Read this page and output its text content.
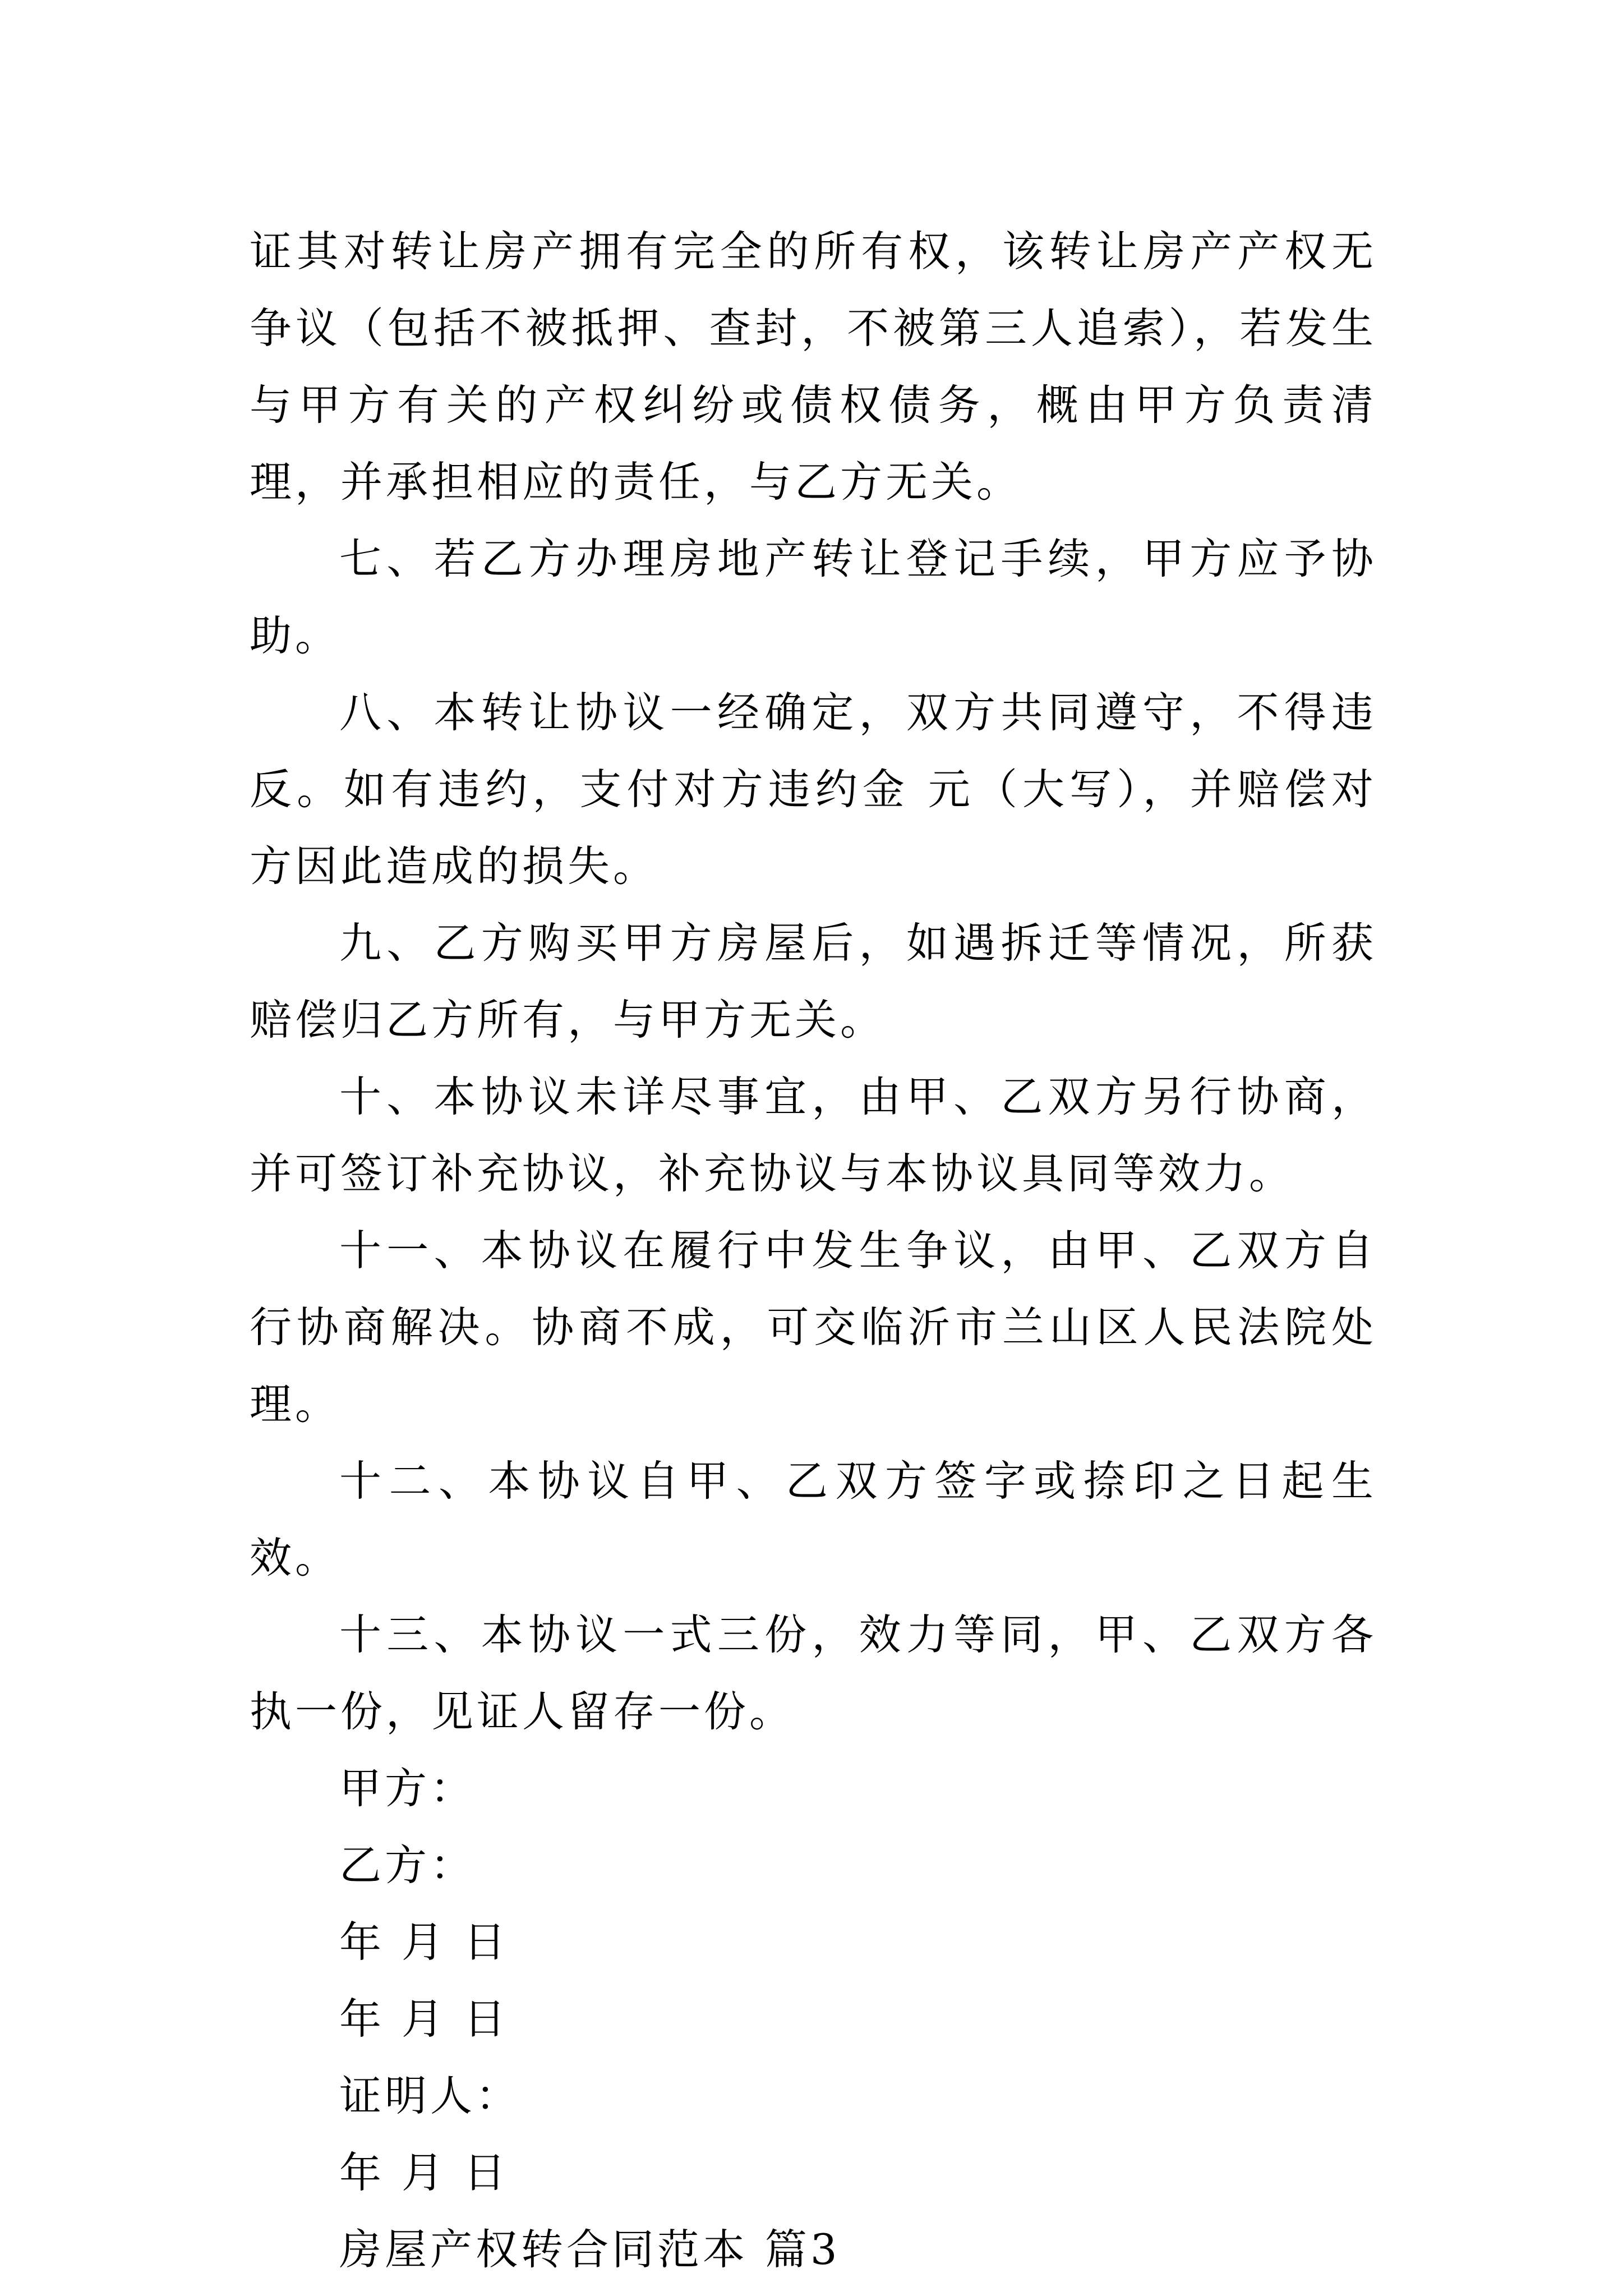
证其对转让房产拥有完全的所有权，该转让房产产权无争议（包括不被抵押、查封，不被第三人追索），若发生与甲方有关的产权纠纷或债权债务，概由甲方负责清理，并承担相应的责任，与乙方无关。

七、若乙方办理房地产转让登记手续，甲方应予协助。

八、本转让协议一经确定，双方共同遵守，不得违反。如有违约，支付对方违约金 元（大写），并赔偿对方因此造成的损失。

九、乙方购买甲方房屋后，如遇拆迁等情况，所获赔偿归乙方所有，与甲方无关。

十、本协议未详尽事宜，由甲、乙双方另行协商，并可签订补充协议，补充协议与本协议具同等效力。

十一、本协议在履行中发生争议，由甲、乙双方自行协商解决。协商不成，可交临沂市兰山区人民法院处理。

十二、本协议自甲、乙双方签字或捺印之日起生效。

十三、本协议一式三份，效力等同，甲、乙双方各执一份，见证人留存一份。

甲方：

乙方：

年 月 日

年 月 日

证明人：

年 月 日

房屋产权转合同范本 篇3
